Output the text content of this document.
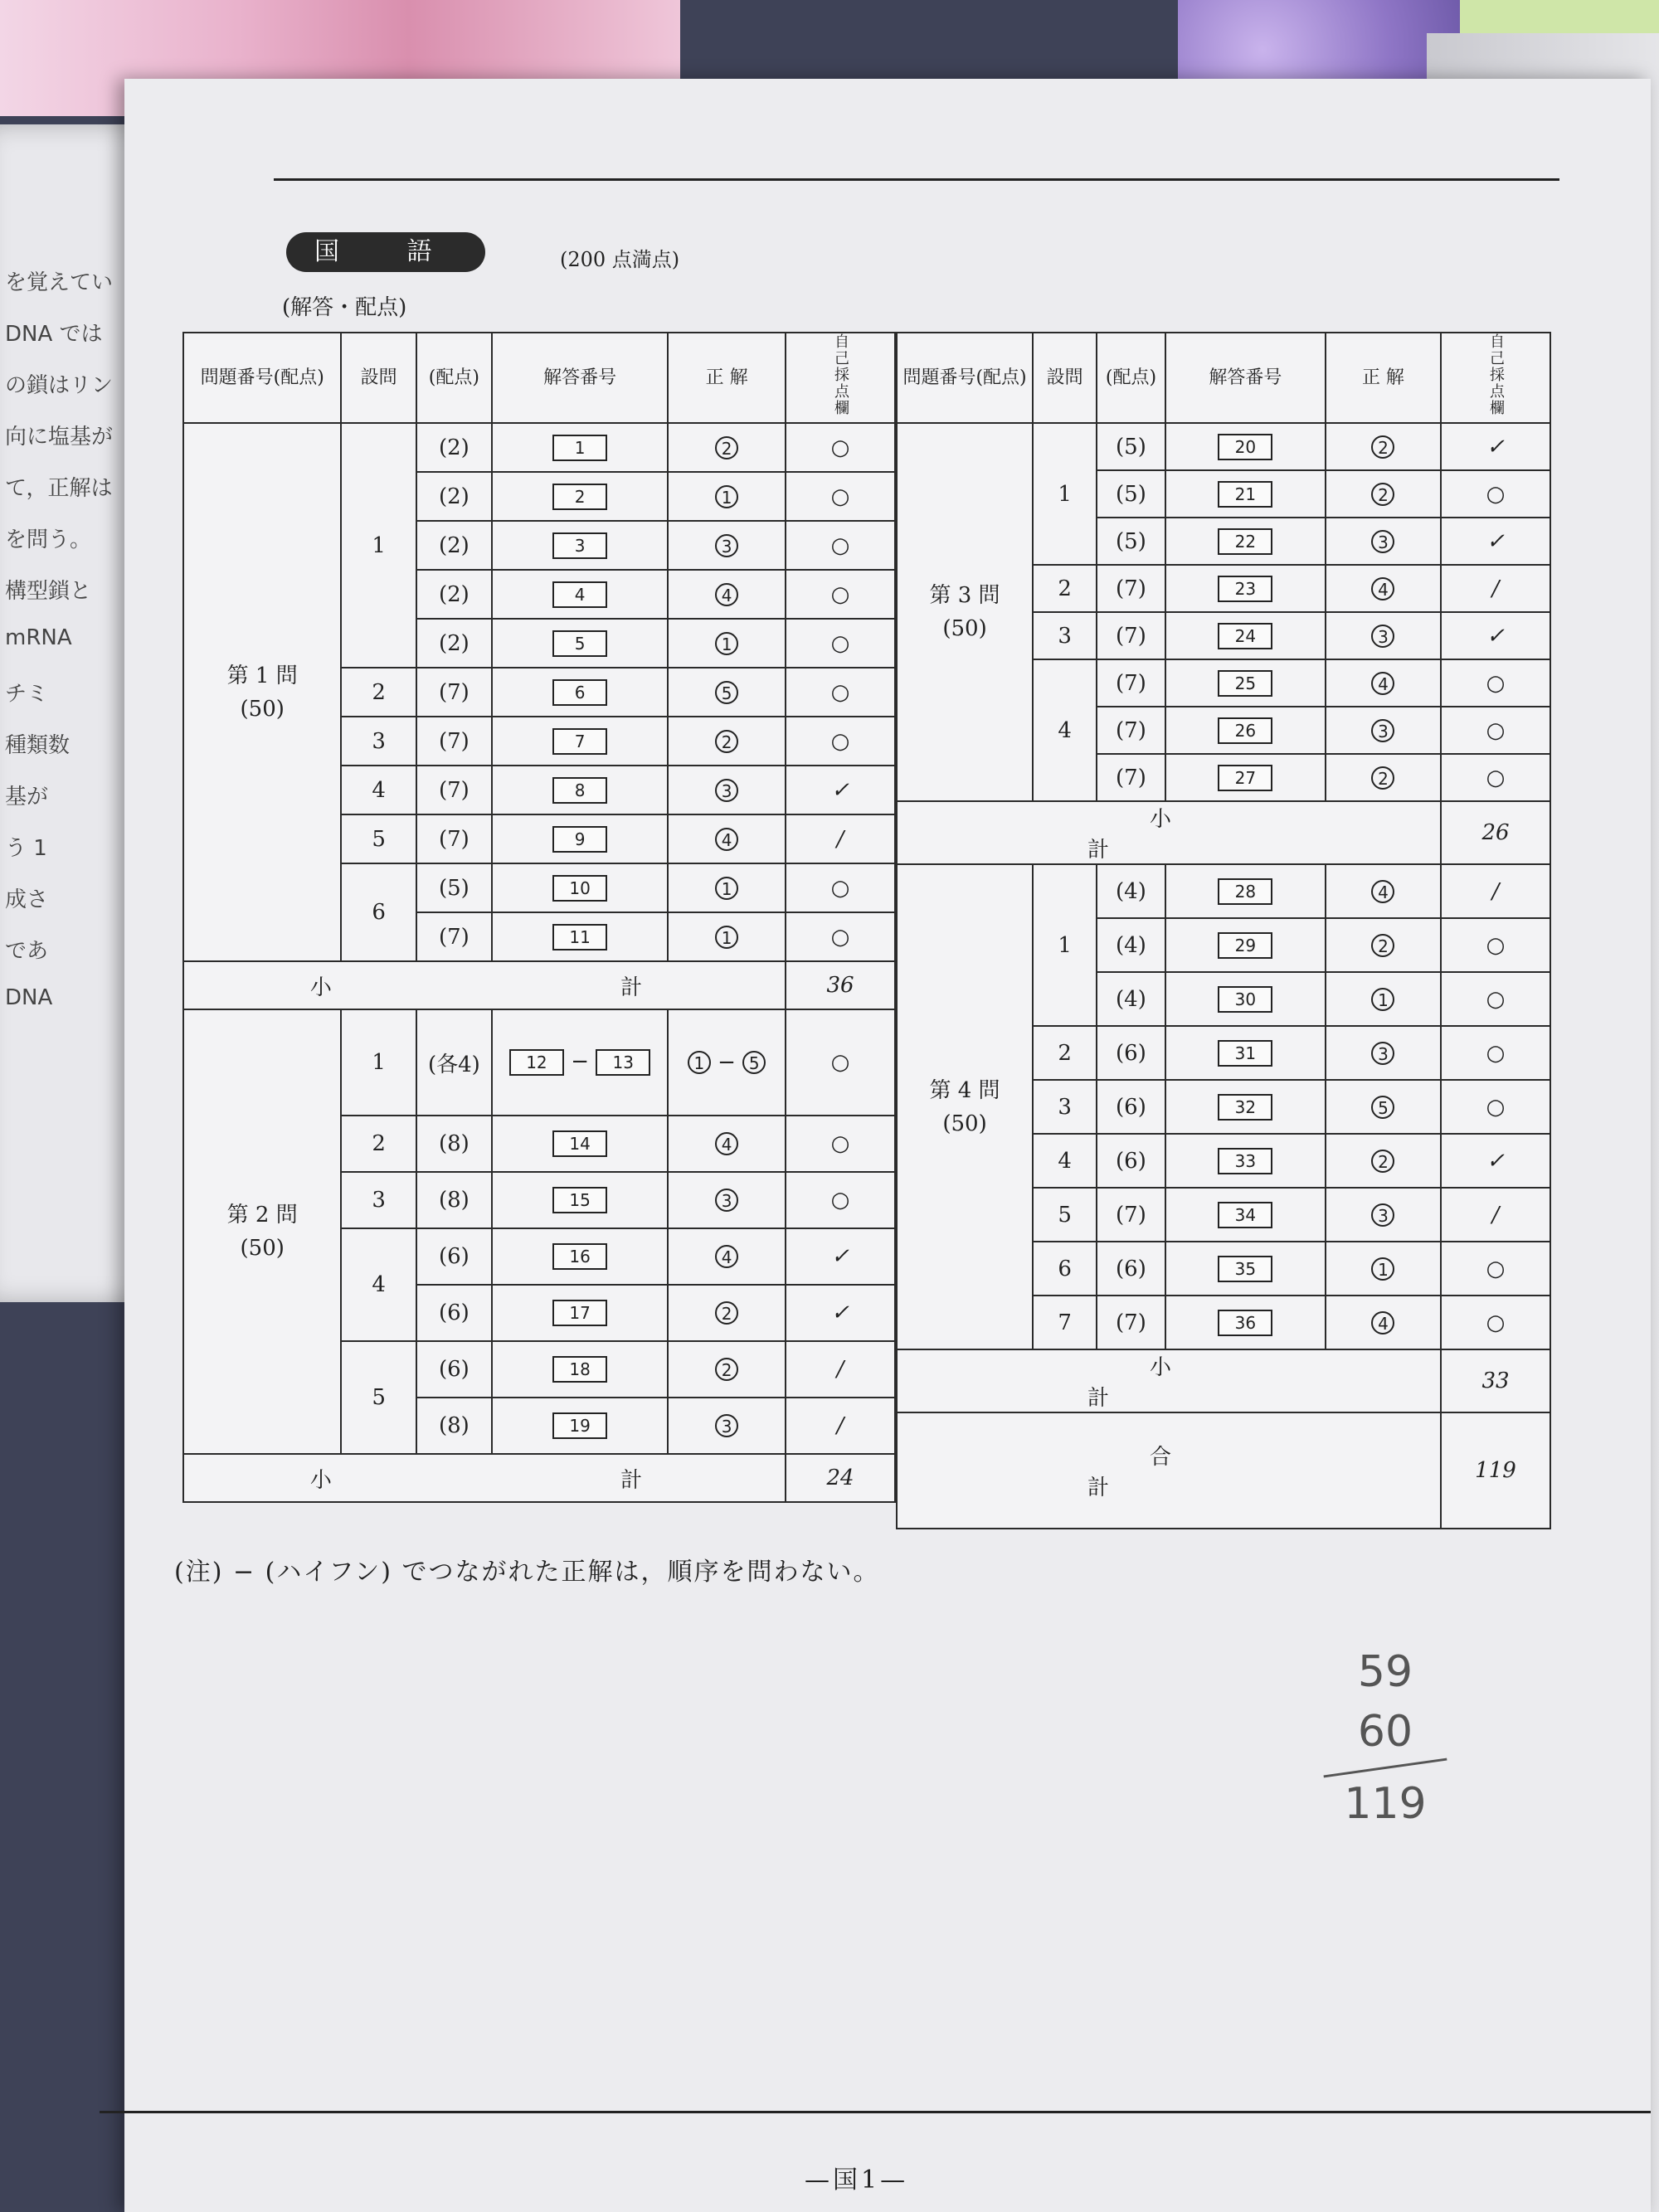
を覚えてい
DNA では
の鎖はリン
向に塩基が
て，正解は
を問う。
構型鎖と
mRNA
チミ
種類数
基が
う 1
成さ
であ
DNA
国 語	(200 点満点)
(解答・配点)
問題番号(配点)	設問	(配点)	解答番号	正 解	自己採点欄

第 1 問
(50)	1	(2)	1	2	○
		(2)	2	1	○
		(2)	3	3	○
		(2)	4	4	○
		(2)	5	1	○
	2	(7)	6	5	○
	3	(7)	7	2	○
	4	(7)	8	3	✓
	5	(7)	9	4	/
	6	(5)	10	1	○
		(7)	11	1	○
小 計					36

第 2 問
(50)	1	(各4)	12 − 13	1 − 5	○
	2	(8)	14	4	○
	3	(8)	15	3	○
	4	(6)	16	4	✓
		(6)	17	2	✓
	5	(6)	18	2	/
		(8)	19	3	/
小 計					24
問題番号(配点)	設問	(配点)	解答番号	正 解	自己採点欄

第 3 問
(50)	1	(5)	20	2	✓
		(5)	21	2	○
		(5)	22	3	✓
	2	(7)	23	4	/
	3	(7)	24	3	✓
	4	(7)	25	4	○
		(7)	26	3	○
		(7)	27	2	○
小 計					26

第 4 問
(50)	1	(4)	28	4	/
		(4)	29	2	○
		(4)	30	1	○
	2	(6)	31	3	○
	3	(6)	32	5	○
	4	(6)	33	2	✓
	5	(7)	34	3	/
	6	(6)	35	1	○
	7	(7)	36	4	○
小 計					33
合 計					119
(注) − (ハイフン) でつながれた正解は，順序を問わない。
59
60
119
—国1—
